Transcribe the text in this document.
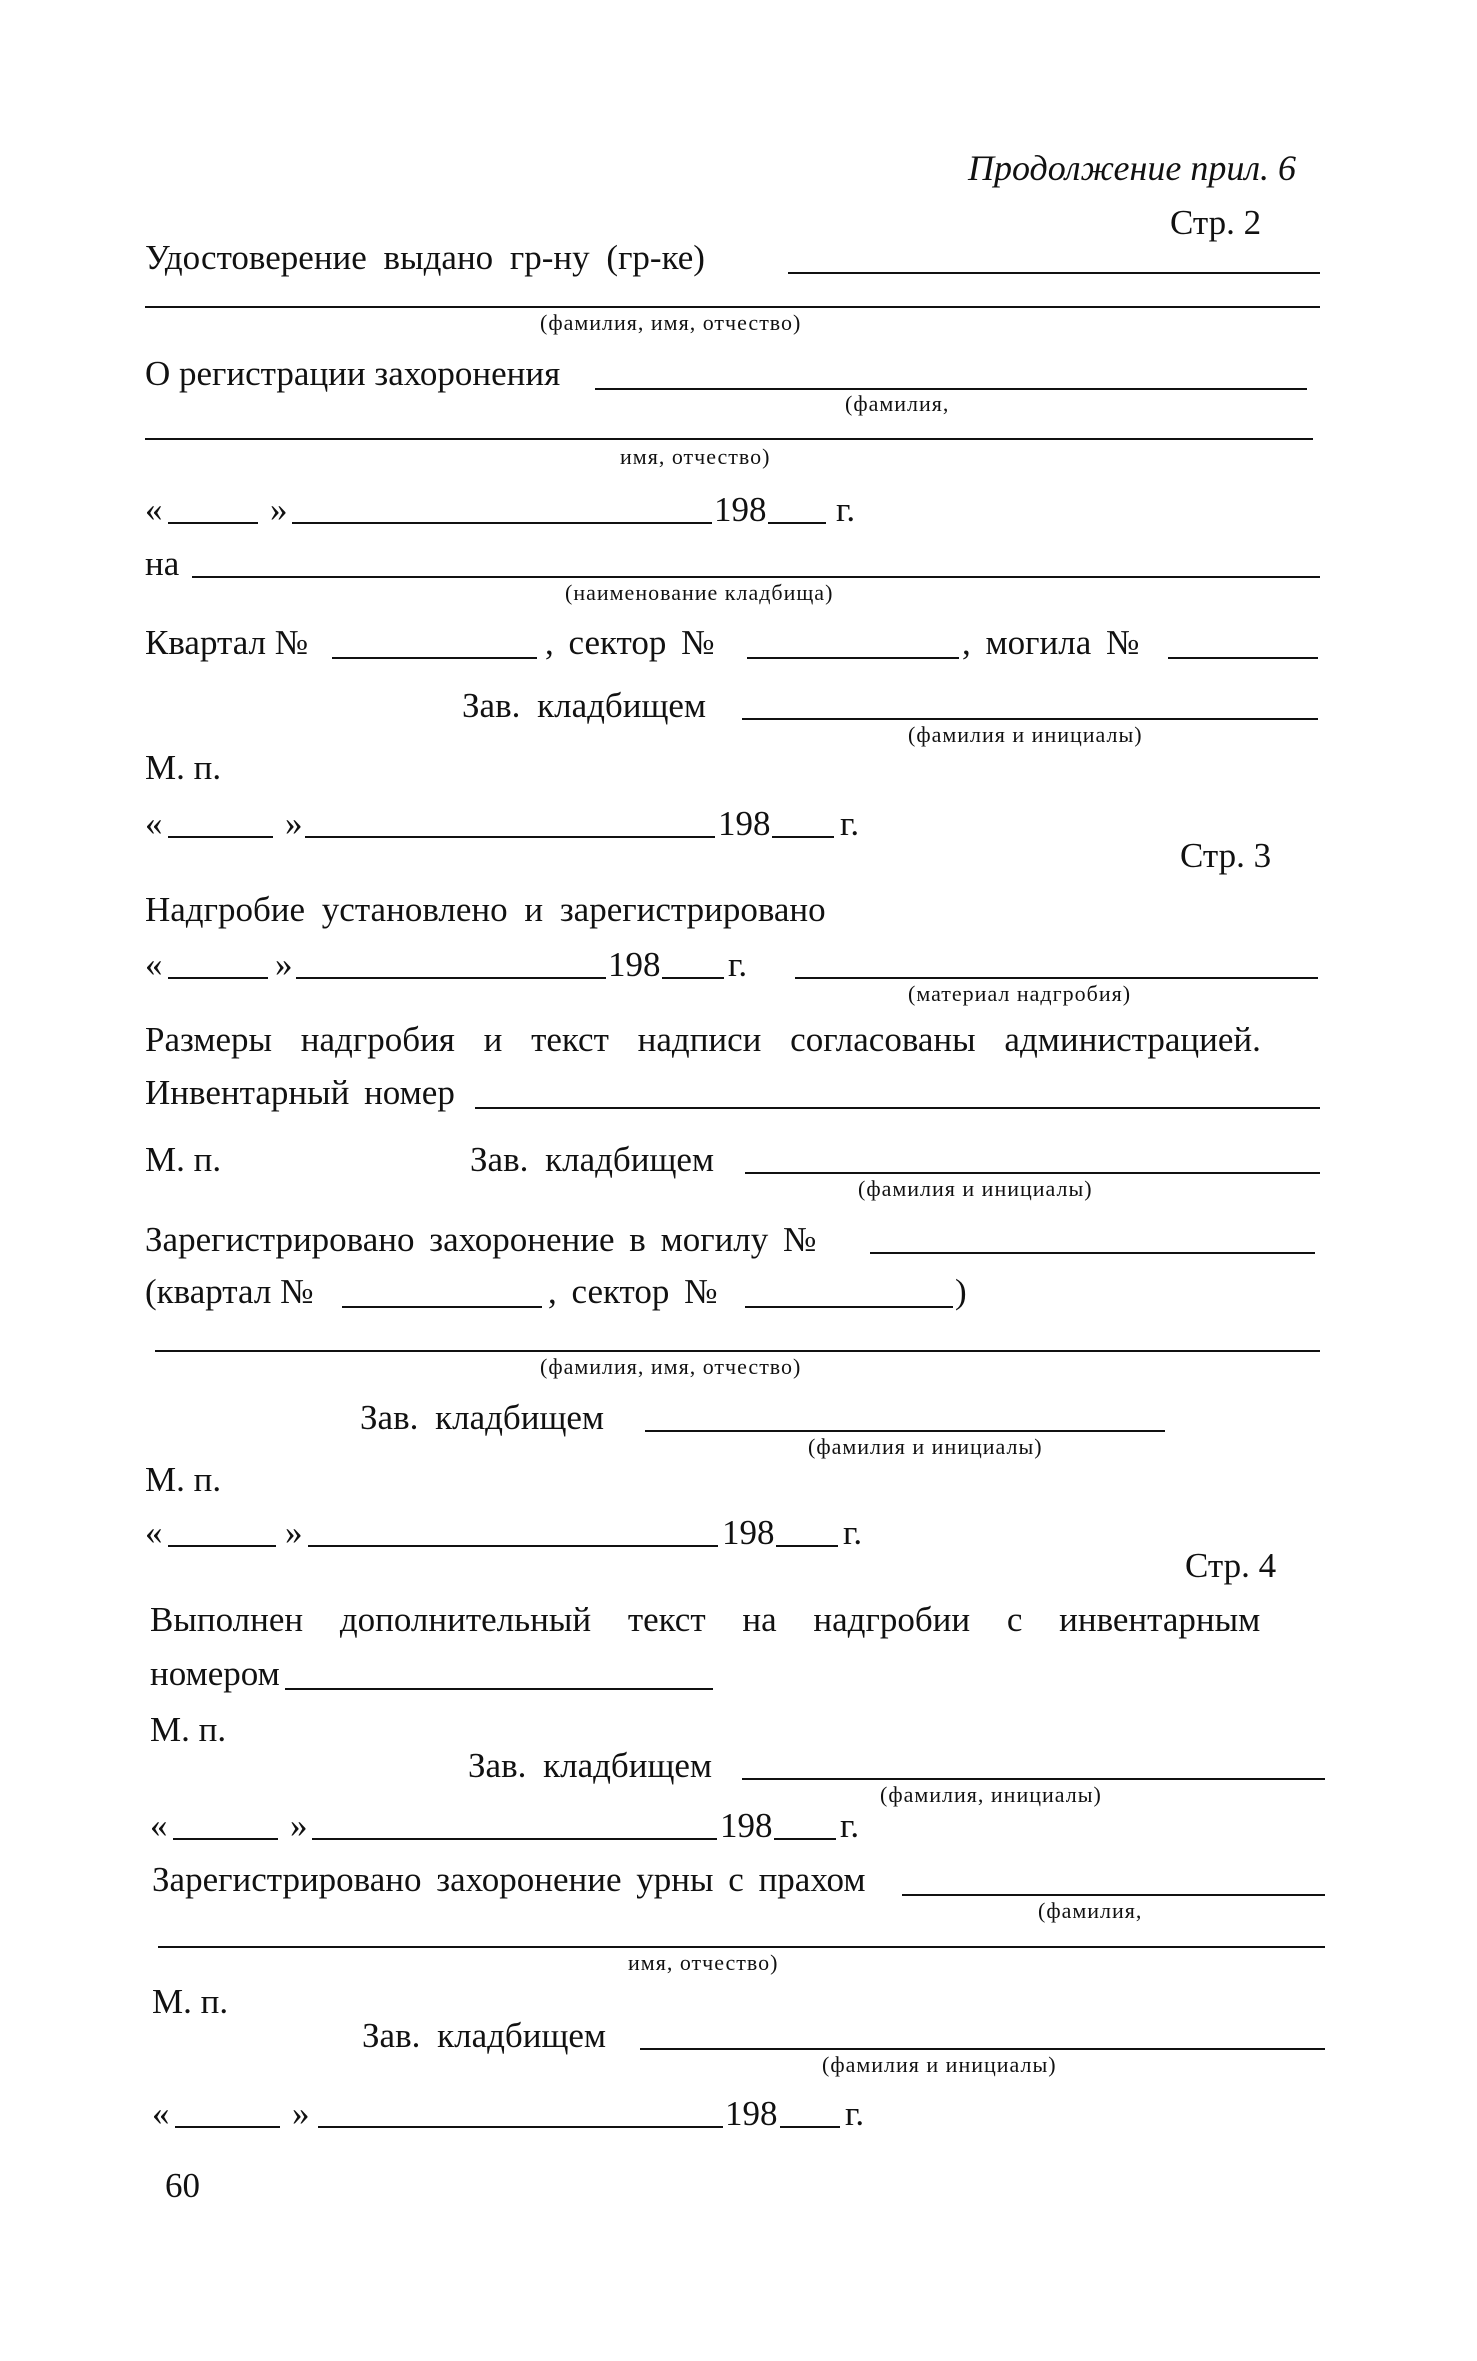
Продолжение прил. 6
Стр. 2
Удостоверение выдано гр-ну (гр-ке)
(фамилия, имя, отчество)
О регистрации захоронения
(фамилия,
имя, отчество)
«	»	198 г.
на
(наименование кладбища)
Квартал №	, сектор №	, могила №
Зав. кладбищем
(фамилия и инициалы)
М. п.
«	»	198 г.
Стр. 3
Надгробие установлено и зарегистрировано
«	»	198 г.
(материал надгробия)
Размеры надгробия и текст надписи согласованы администрацией.
Инвентарный номер
М. п.	Зав. кладбищем
(фамилия и инициалы)
Зарегистрировано захоронение в могилу №
(квартал №	, сектор №	)
(фамилия, имя, отчество)
Зав. кладбищем
(фамилия и инициалы)
М. п.
«	»	198 г.
Стр. 4
Выполнен дополнительный текст на надгробии с инвентарным
номером
М. п.
Зав. кладбищем
(фамилия, инициалы)
«	»	198 г.
Зарегистрировано захоронение урны с прахом
(фамилия,
имя, отчество)
М. п.
Зав. кладбищем
(фамилия и инициалы)
«	»	198 г.
60
